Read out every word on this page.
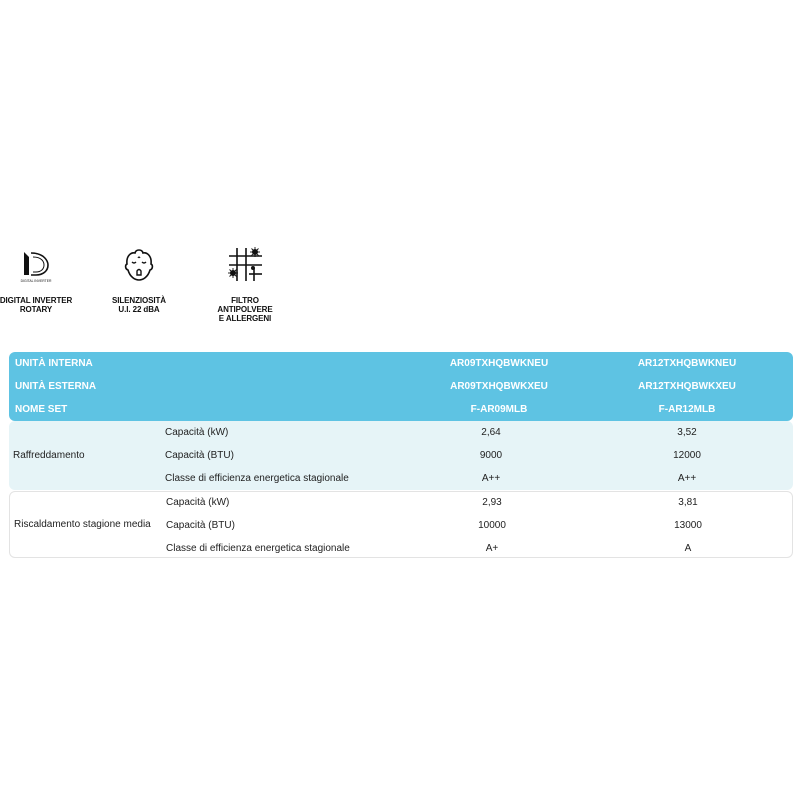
DIGITAL INVERTER
DIGITAL INVERTER
ROTARY
SILENZIOSITÀ
U.I. 22 dBA
FILTRO
ANTIPOLVERE
E ALLERGENI
UNITÀ INTERNA	AR09TXHQBWKNEU	AR12TXHQBWKNEU
UNITÀ ESTERNA	AR09TXHQBWKXEU	AR12TXHQBWKXEU
NOME SET	F-AR09MLB	F-AR12MLB
Raffreddamento
Capacità (kW)	2,64	3,52
Capacità (BTU)	9000	12000
Classe di efficienza energetica stagionale	A++	A++
Riscaldamento stagione media
Capacità (kW)	2,93	3,81
Capacità (BTU)	10000	13000
Classe di efficienza energetica stagionale	A+	A
